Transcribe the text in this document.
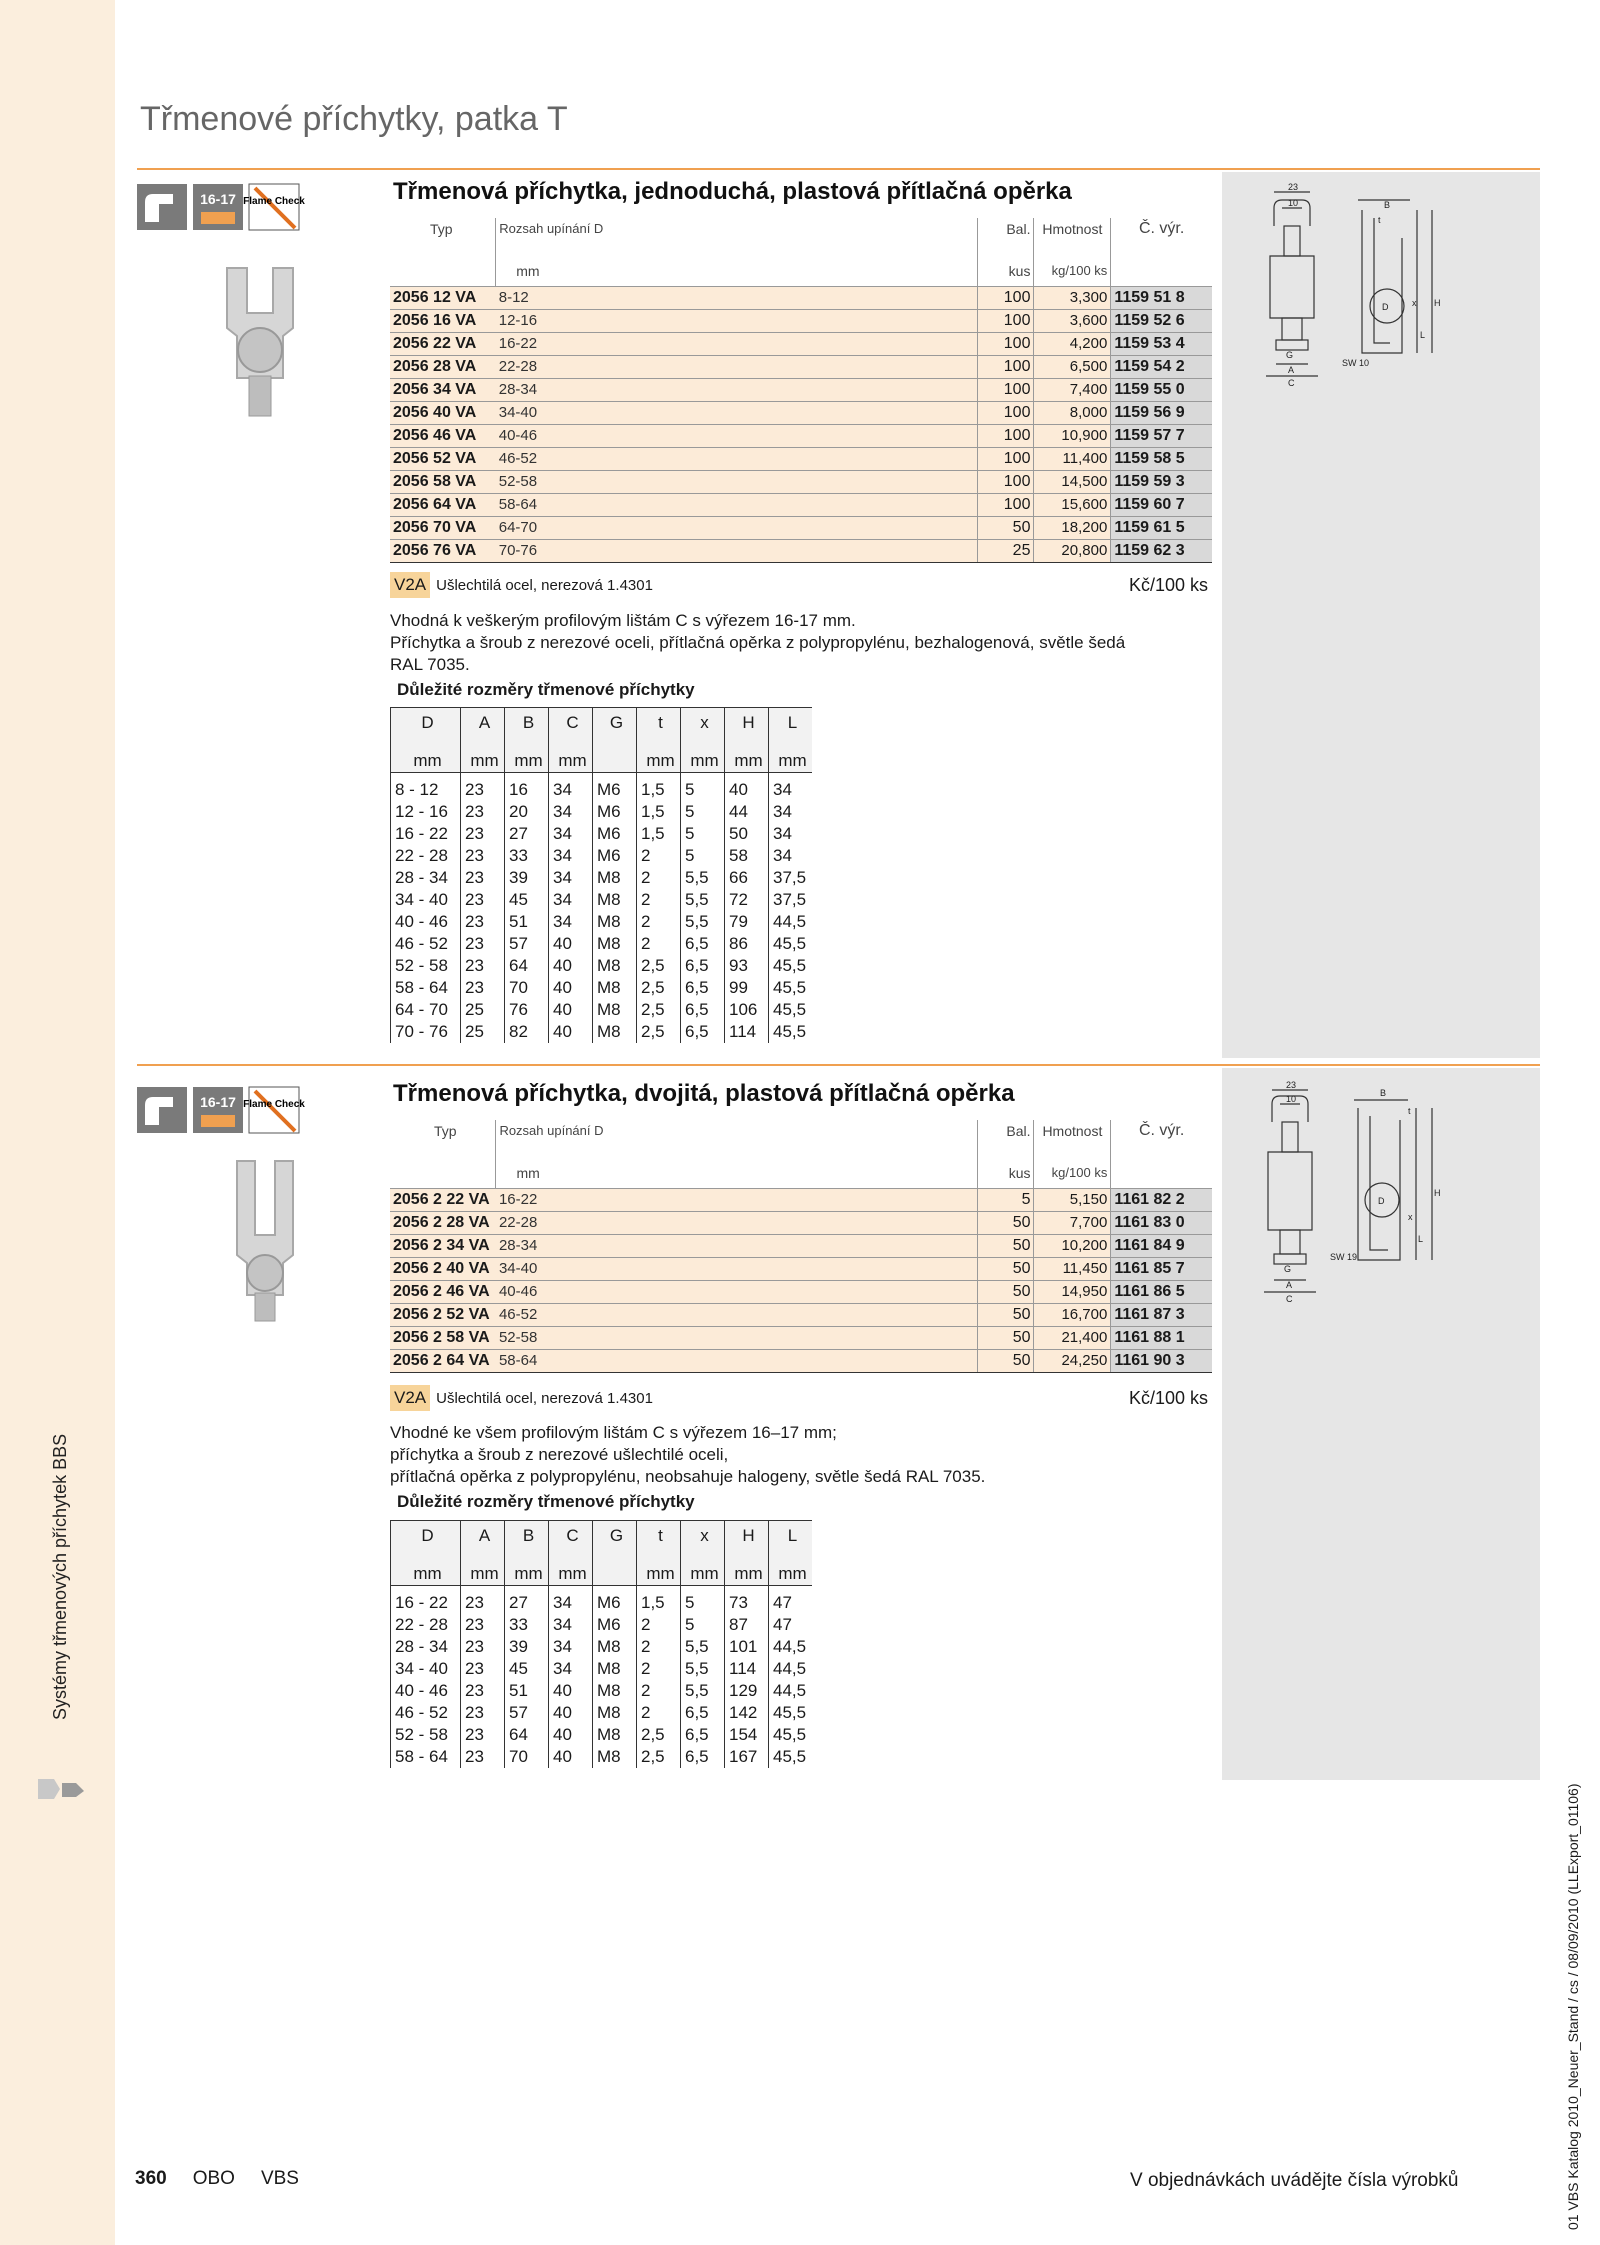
Systémy třmenových příchytek BBS
Třmenové příchytky, patka T
16-17 Flame Check	Třmenová příchytka, jednoduchá, plastová přítlačná opěrka
Typ	Rozsah upínání D	Bal.	Hmotnost	Č. výr.
	mm	kus	kg/100 ks	
2056 12 VA	8-12	100	3,300	1159 51 8
2056 16 VA	12-16	100	3,600	1159 52 6
2056 22 VA	16-22	100	4,200	1159 53 4
2056 28 VA	22-28	100	6,500	1159 54 2
2056 34 VA	28-34	100	7,400	1159 55 0
2056 40 VA	34-40	100	8,000	1159 56 9
2056 46 VA	40-46	100	10,900	1159 57 7
2056 52 VA	46-52	100	11,400	1159 58 5
2056 58 VA	52-58	100	14,500	1159 59 3
2056 64 VA	58-64	100	15,600	1159 60 7
2056 70 VA	64-70	50	18,200	1159 61 5
2056 76 VA	70-76	25	20,800	1159 62 3
V2A Ušlechtilá ocel, nerezová 1.4301	Kč/100 ks

Vhodná k veškerým profilovým lištám C s výřezem 16-17 mm.
Příchytka a šroub z nerezové oceli, přítlačná opěrka z polypropylénu, bezhalogenová, světle šedá
RAL 7035.

Důležité rozměry třmenové příchytky

D	A	B	C	G	t	x	H	L
mm	mm	mm	mm		mm	mm	mm	mm

8 - 12	23	16	34	M6	1,5	5	40	34
12 - 16	23	20	34	M6	1,5	5	44	34
16 - 22	23	27	34	M6	1,5	5	50	34
22 - 28	23	33	34	M6	2	5	58	34
28 - 34	23	39	34	M8	2	5,5	66	37,5
34 - 40	23	45	34	M8	2	5,5	72	37,5
40 - 46	23	51	34	M8	2	5,5	79	44,5
46 - 52	23	57	40	M8	2	6,5	86	45,5
52 - 58	23	64	40	M8	2,5	6,5	93	45,5
58 - 64	23	70	40	M8	2,5	6,5	99	45,5
64 - 70	25	76	40	M8	2,5	6,5	106	45,5
70 - 76	25	82	40	M8	2,5	6,5	114	45,5
23
10	B
t
D	x H
L
SW 10
G
A
C
16-17 Flame Check	Třmenová příchytka, dvojitá, plastová přítlačná opěrka
Typ	Rozsah upínání D	Bal.	Hmotnost	Č. výr.
	mm	kus	kg/100 ks	
2056 2 22 VA	16-22	5	5,150	1161 82 2
2056 2 28 VA	22-28	50	7,700	1161 83 0
2056 2 34 VA	28-34	50	10,200	1161 84 9
2056 2 40 VA	34-40	50	11,450	1161 85 7
2056 2 46 VA	40-46	50	14,950	1161 86 5
2056 2 52 VA	46-52	50	16,700	1161 87 3
2056 2 58 VA	52-58	50	21,400	1161 88 1
2056 2 64 VA	58-64	50	24,250	1161 90 3
V2A Ušlechtilá ocel, nerezová 1.4301	Kč/100 ks

Vhodné ke všem profilovým lištám C s výřezem 16–17 mm;
příchytka a šroub z nerezové ušlechtilé oceli,
přítlačná opěrka z polypropylénu, neobsahuje halogeny, světle šedá RAL 7035.

Důležité rozměry třmenové příchytky

D	A	B	C	G	t	x	H	L
mm	mm	mm	mm		mm	mm	mm	mm

16 - 22	23	27	34	M6	1,5	5	73	47
22 - 28	23	33	34	M6	2	5	87	47
28 - 34	23	39	34	M8	2	5,5	101	44,5
34 - 40	23	45	34	M8	2	5,5	114	44,5
40 - 46	23	51	40	M8	2	5,5	129	44,5
46 - 52	23	57	40	M8	2	6,5	142	45,5
52 - 58	23	64	40	M8	2,5	6,5	154	45,5
58 - 64	23	70	40	M8	2,5	6,5	167	45,5
23
10
B
t
D
x
H
L
SW 19
G
A
C
01 VBS Katalog 2010_Neuer_Stand / cs / 08/09/2010 (LLExport_01106)
360 OBO VBS	V objednávkách uvádějte čísla výrobků
